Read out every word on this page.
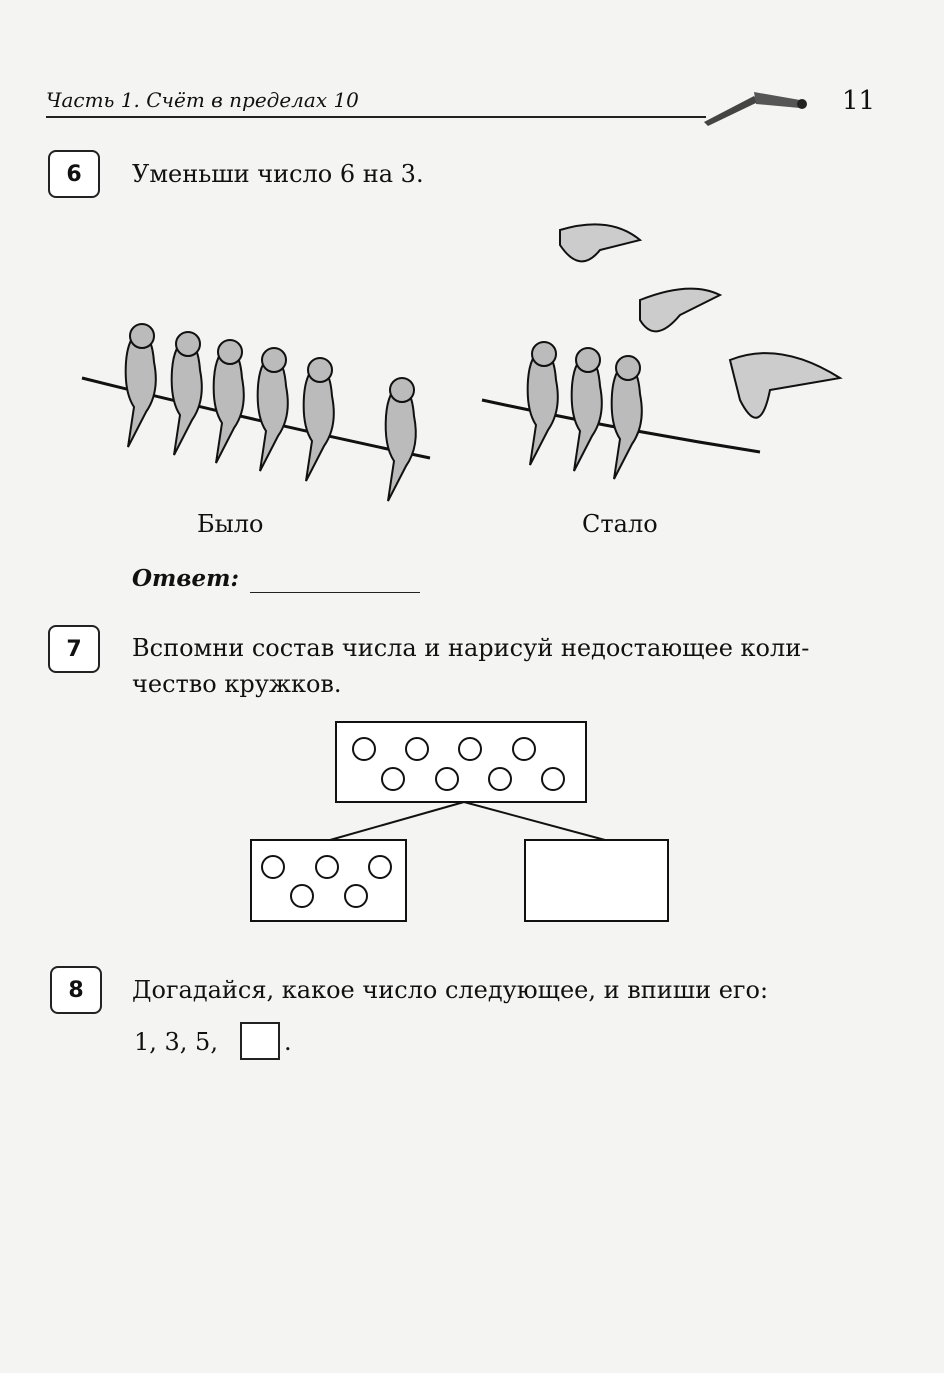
Часть 1. Счёт в пределах 10	11
6	Уменьши число 6 на 3.
Было	Стало
Ответ:
7	Вспомни состав числа и нарисуй недостающее коли-
чество кружков.
8	Догадайся, какое число следующее, и впиши его:
1, 3, 5,	.
